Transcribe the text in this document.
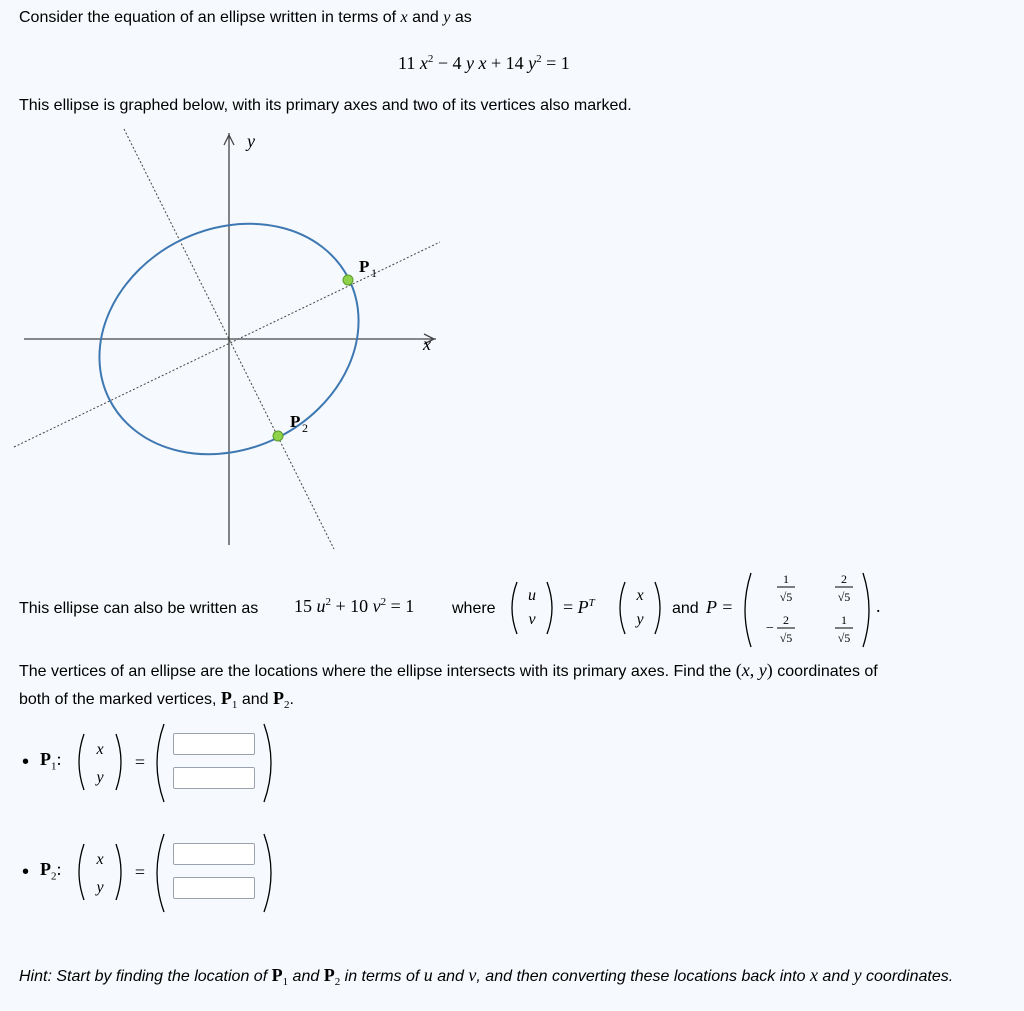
Consider the equation of an ellipse written in terms of x and y as
11 $x^2 - 4$ y x + 14 $y^2 = 1$
This ellipse is graphed below, with its primary axes and two of its vertices also marked.
y
x
P 1
P 2
This ellipse can also be written as 15 $u^2 + 10$ $v^2 = 1$ where
u
v
= $P^T$	x
y
and P =
1
√5
2
√5
−
2
√5
1
√5
.
The vertices of an ellipse are the locations where the ellipse intersects with its primary axes. Find the (x, y) coordinates of
both of the marked vertices, $P_1$ and $P_2$.
• $P_1$: x
y
=
• $P_2$: x
y
=
Hint: Start by finding the location of $P_1$ and $P_2$ in terms of u and v, and then converting these locations back into x and y coordinates.
